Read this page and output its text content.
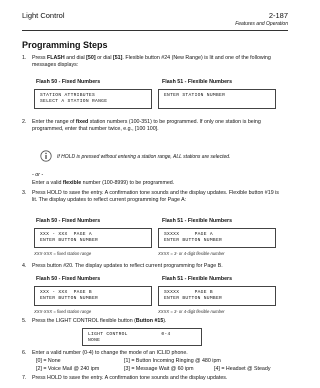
Light Control	2-187
Features and Operation
Programming Steps
1. Press FLASH and dial [50] or dial [51]. Flexible button #24 (New Range) is lit and one of the following messages displays:
Flash 50 - Fixed Numbers	Flash 51 - Flexible Numbers
STATION ATTRIBUTES
SELECT A STATION RANGE
ENTER STATION NUMBER
2. Enter the range of fixed station numbers (100-351) to be programmed. If only one station is being programmed, enter that number twice, e.g., [100 100].
If HOLD is pressed without entering a station range, ALL stations are selected.
- or -
Enter a valid flexible number (100-8999) to be programmed.
3. Press HOLD to save the entry. A confirmation tone sounds and the display updates. Flexible button #19 is lit. The display updates to reflect current programming for Page A:
Flash 50 - Fixed Numbers	Flash 51 - Flexible Numbers
XXX - XXX  PAGE A
ENTER BUTTON NUMBER
SXXXX     PAGE A
ENTER BUTTON NUMBER
XXX-XXX = fixed station range	XXXX = 3- or 4-digit flexible number
4. Press button #20. The display updates to reflect current programming for Page B.
Flash 50 - Fixed Numbers	Flash 51 - Flexible Numbers
XXX - XXX  PAGE B
ENTER BUTTON NUMBER
SXXXX     PAGE B
ENTER BUTTON NUMBER
XXX-XXX = fixed station range	XXXX = 3- or 4-digit flexible number
5. Press the LIGHT CONTROL flexible button (Button #15).
LIGHT CONTROL           0-4
NONE
6. Enter a valid number (0-4) to change the mode of an ICLID phone.
[0] = None	[1] = Button Incoming Ringing @ 480 ipm
[2] = Voice Mail @ 240 ipm	[3] = Message Wait @ 60 ipm	[4] = Headset @ Steady
7. Press HOLD to save the entry. A confirmation tone sounds and the display updates.
